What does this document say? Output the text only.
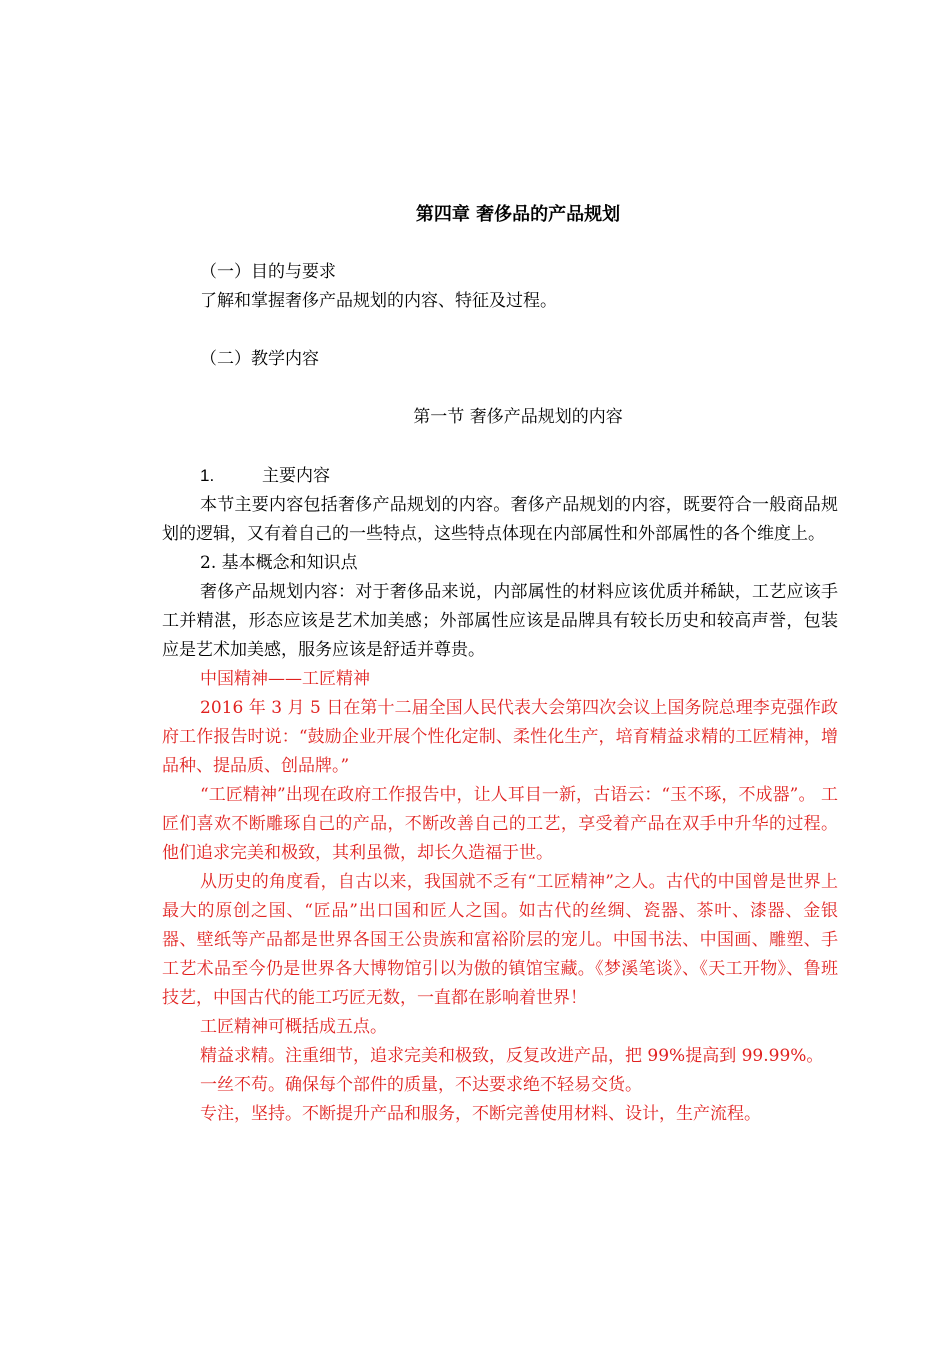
第四章 奢侈品的产品规划

（一）目的与要求

了解和掌握奢侈产品规划的内容、特征及过程。

（二）教学内容

第一节 奢侈产品规划的内容

1.	主要内容

本节主要内容包括奢侈产品规划的内容。奢侈产品规划的内容，既要符合一般商品规划的逻辑，又有着自己的一些特点，这些特点体现在内部属性和外部属性的各个维度上。

2. 基本概念和知识点

奢侈产品规划内容：对于奢侈品来说，内部属性的材料应该优质并稀缺，工艺应该手工并精湛，形态应该是艺术加美感；外部属性应该是品牌具有较长历史和较高声誉，包装应是艺术加美感，服务应该是舒适并尊贵。

中国精神——工匠精神

2016 年 3 月 5 日在第十二届全国人民代表大会第四次会议上国务院总理李克强作政府工作报告时说：“鼓励企业开展个性化定制、柔性化生产，培育精益求精的工匠精神，增品种、提品质、创品牌。”

“工匠精神”出现在政府工作报告中，让人耳目一新，古语云：“玉不琢，不成器”。 工匠们喜欢不断雕琢自己的产品，不断改善自己的工艺，享受着产品在双手中升华的过程。他们追求完美和极致，其利虽微，却长久造福于世。

从历史的角度看，自古以来，我国就不乏有“工匠精神”之人。古代的中国曾是世界上最大的原创之国、“匠品”出口国和匠人之国。如古代的丝绸、瓷器、茶叶、漆器、金银器、壁纸等产品都是世界各国王公贵族和富裕阶层的宠儿。中国书法、中国画、雕塑、手工艺术品至今仍是世界各大博物馆引以为傲的镇馆宝藏。《梦溪笔谈》、《天工开物》、鲁班技艺，中国古代的能工巧匠无数，一直都在影响着世界！

工匠精神可概括成五点。

精益求精。注重细节，追求完美和极致，反复改进产品，把 99%提高到 99.99%。

一丝不苟。确保每个部件的质量，不达要求绝不轻易交货。

专注，坚持。不断提升产品和服务，不断完善使用材料、设计，生产流程。
